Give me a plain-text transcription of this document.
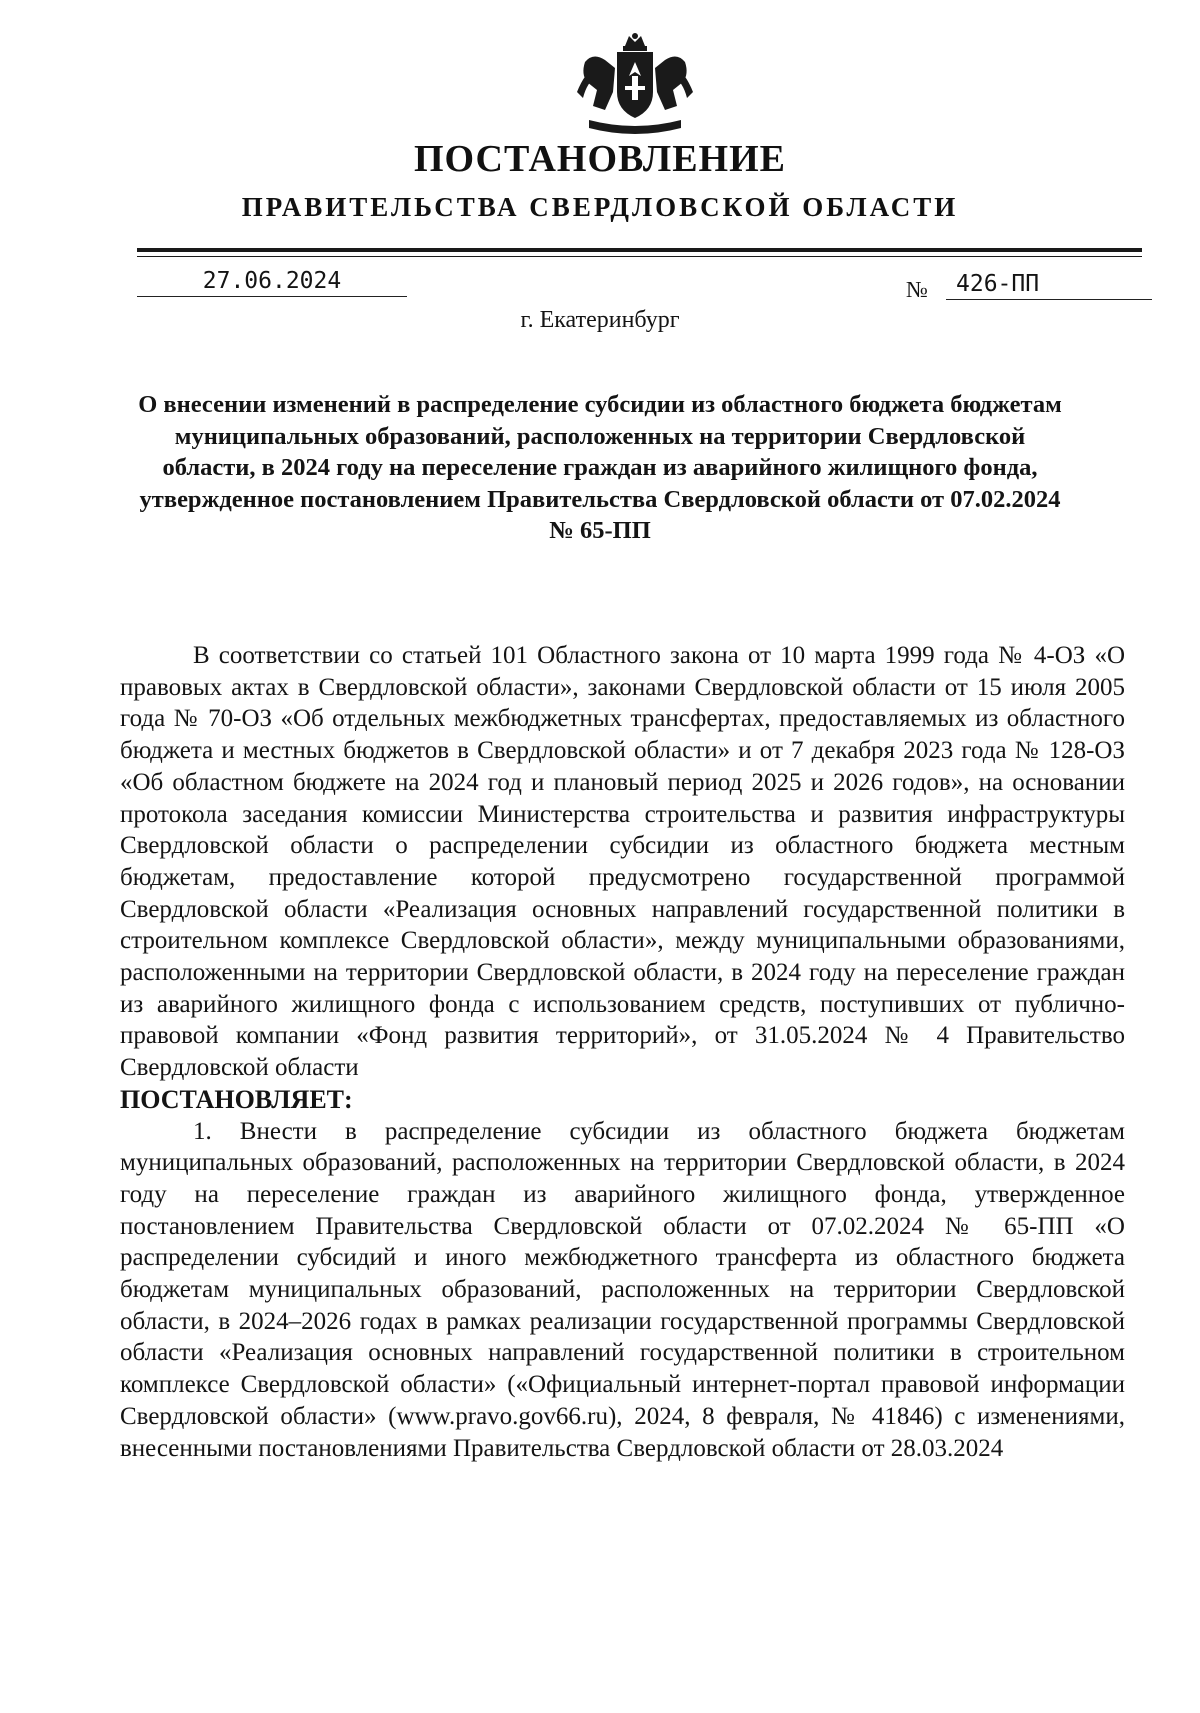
ПОСТАНОВЛЕНИЕ
ПРАВИТЕЛЬСТВА СВЕРДЛОВСКОЙ ОБЛАСТИ
27.06.2024	№	426-ПП
г. Екатеринбург
О внесении изменений в распределение субсидии из областного бюджета бюджетам муниципальных образований, расположенных на территории Свердловской области, в 2024 году на переселение граждан из аварийного жилищного фонда, утвержденное постановлением Правительства Свердловской области от 07.02.2024 № 65-ПП

В соответствии со статьей 101 Областного закона от 10 марта 1999 года № 4-ОЗ «О правовых актах в Свердловской области», законами Свердловской области от 15 июля 2005 года № 70-ОЗ «Об отдельных межбюджетных трансфертах, предоставляемых из областного бюджета и местных бюджетов в Свердловской области» и от 7 декабря 2023 года № 128-ОЗ «Об областном бюджете на 2024 год и плановый период 2025 и 2026 годов», на основании протокола заседания комиссии Министерства строительства и развития инфраструктуры Свердловской области о распределении субсидии из областного бюджета местным бюджетам, предоставление которой предусмотрено государственной программой Свердловской области «Реализация основных направлений государственной политики в строительном комплексе Свердловской области», между муниципальными образованиями, расположенными на территории Свердловской области, в 2024 году на переселение граждан из аварийного жилищного фонда с использованием средств, поступивших от публично-правовой компании «Фонд развития территорий», от 31.05.2024 № 4 Правительство Свердловской области

ПОСТАНОВЛЯЕТ:

1. Внести в распределение субсидии из областного бюджета бюджетам муниципальных образований, расположенных на территории Свердловской области, в 2024 году на переселение граждан из аварийного жилищного фонда, утвержденное постановлением Правительства Свердловской области от 07.02.2024 № 65-ПП «О распределении субсидий и иного межбюджетного трансферта из областного бюджета бюджетам муниципальных образований, расположенных на территории Свердловской области, в 2024–2026 годах в рамках реализации государственной программы Свердловской области «Реализация основных направлений государственной политики в строительном комплексе Свердловской области» («Официальный интернет-портал правовой информации Свердловской области» (www.pravo.gov66.ru), 2024, 8 февраля, № 41846) с изменениями, внесенными постановлениями Правительства Свердловской области от 28.03.2024
